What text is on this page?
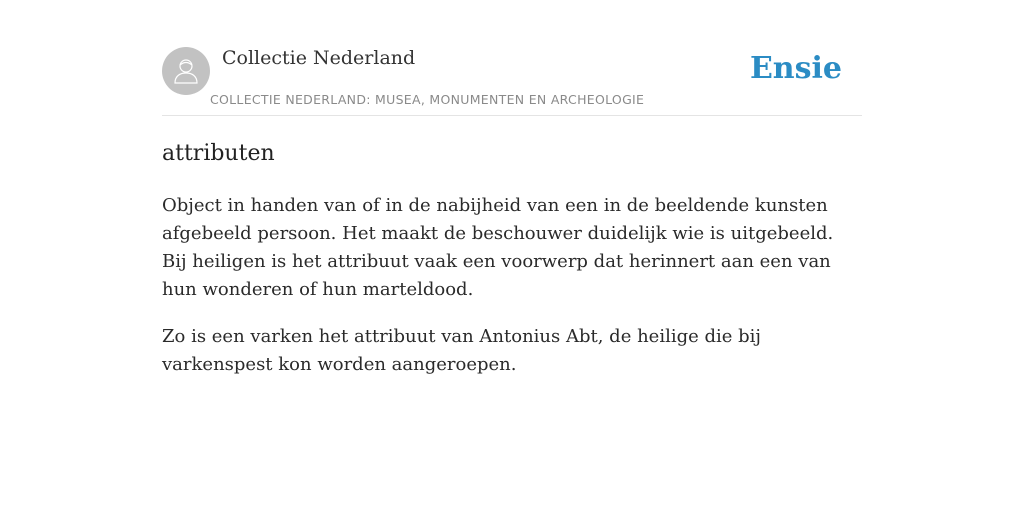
Collectie Nederland
COLLECTIE NEDERLAND: MUSEA, MONUMENTEN EN ARCHEOLOGIE
Ensie
attributen

Object in handen van of in de nabijheid van een in de beeldende kunsten afgebeeld persoon. Het maakt de beschouwer duidelijk wie is uitgebeeld. Bij heiligen is het attribuut vaak een voorwerp dat herinnert aan een van hun wonderen of hun marteldood.

Zo is een varken het attribuut van Antonius Abt, de heilige die bij varkenspest kon worden aangeroepen.
